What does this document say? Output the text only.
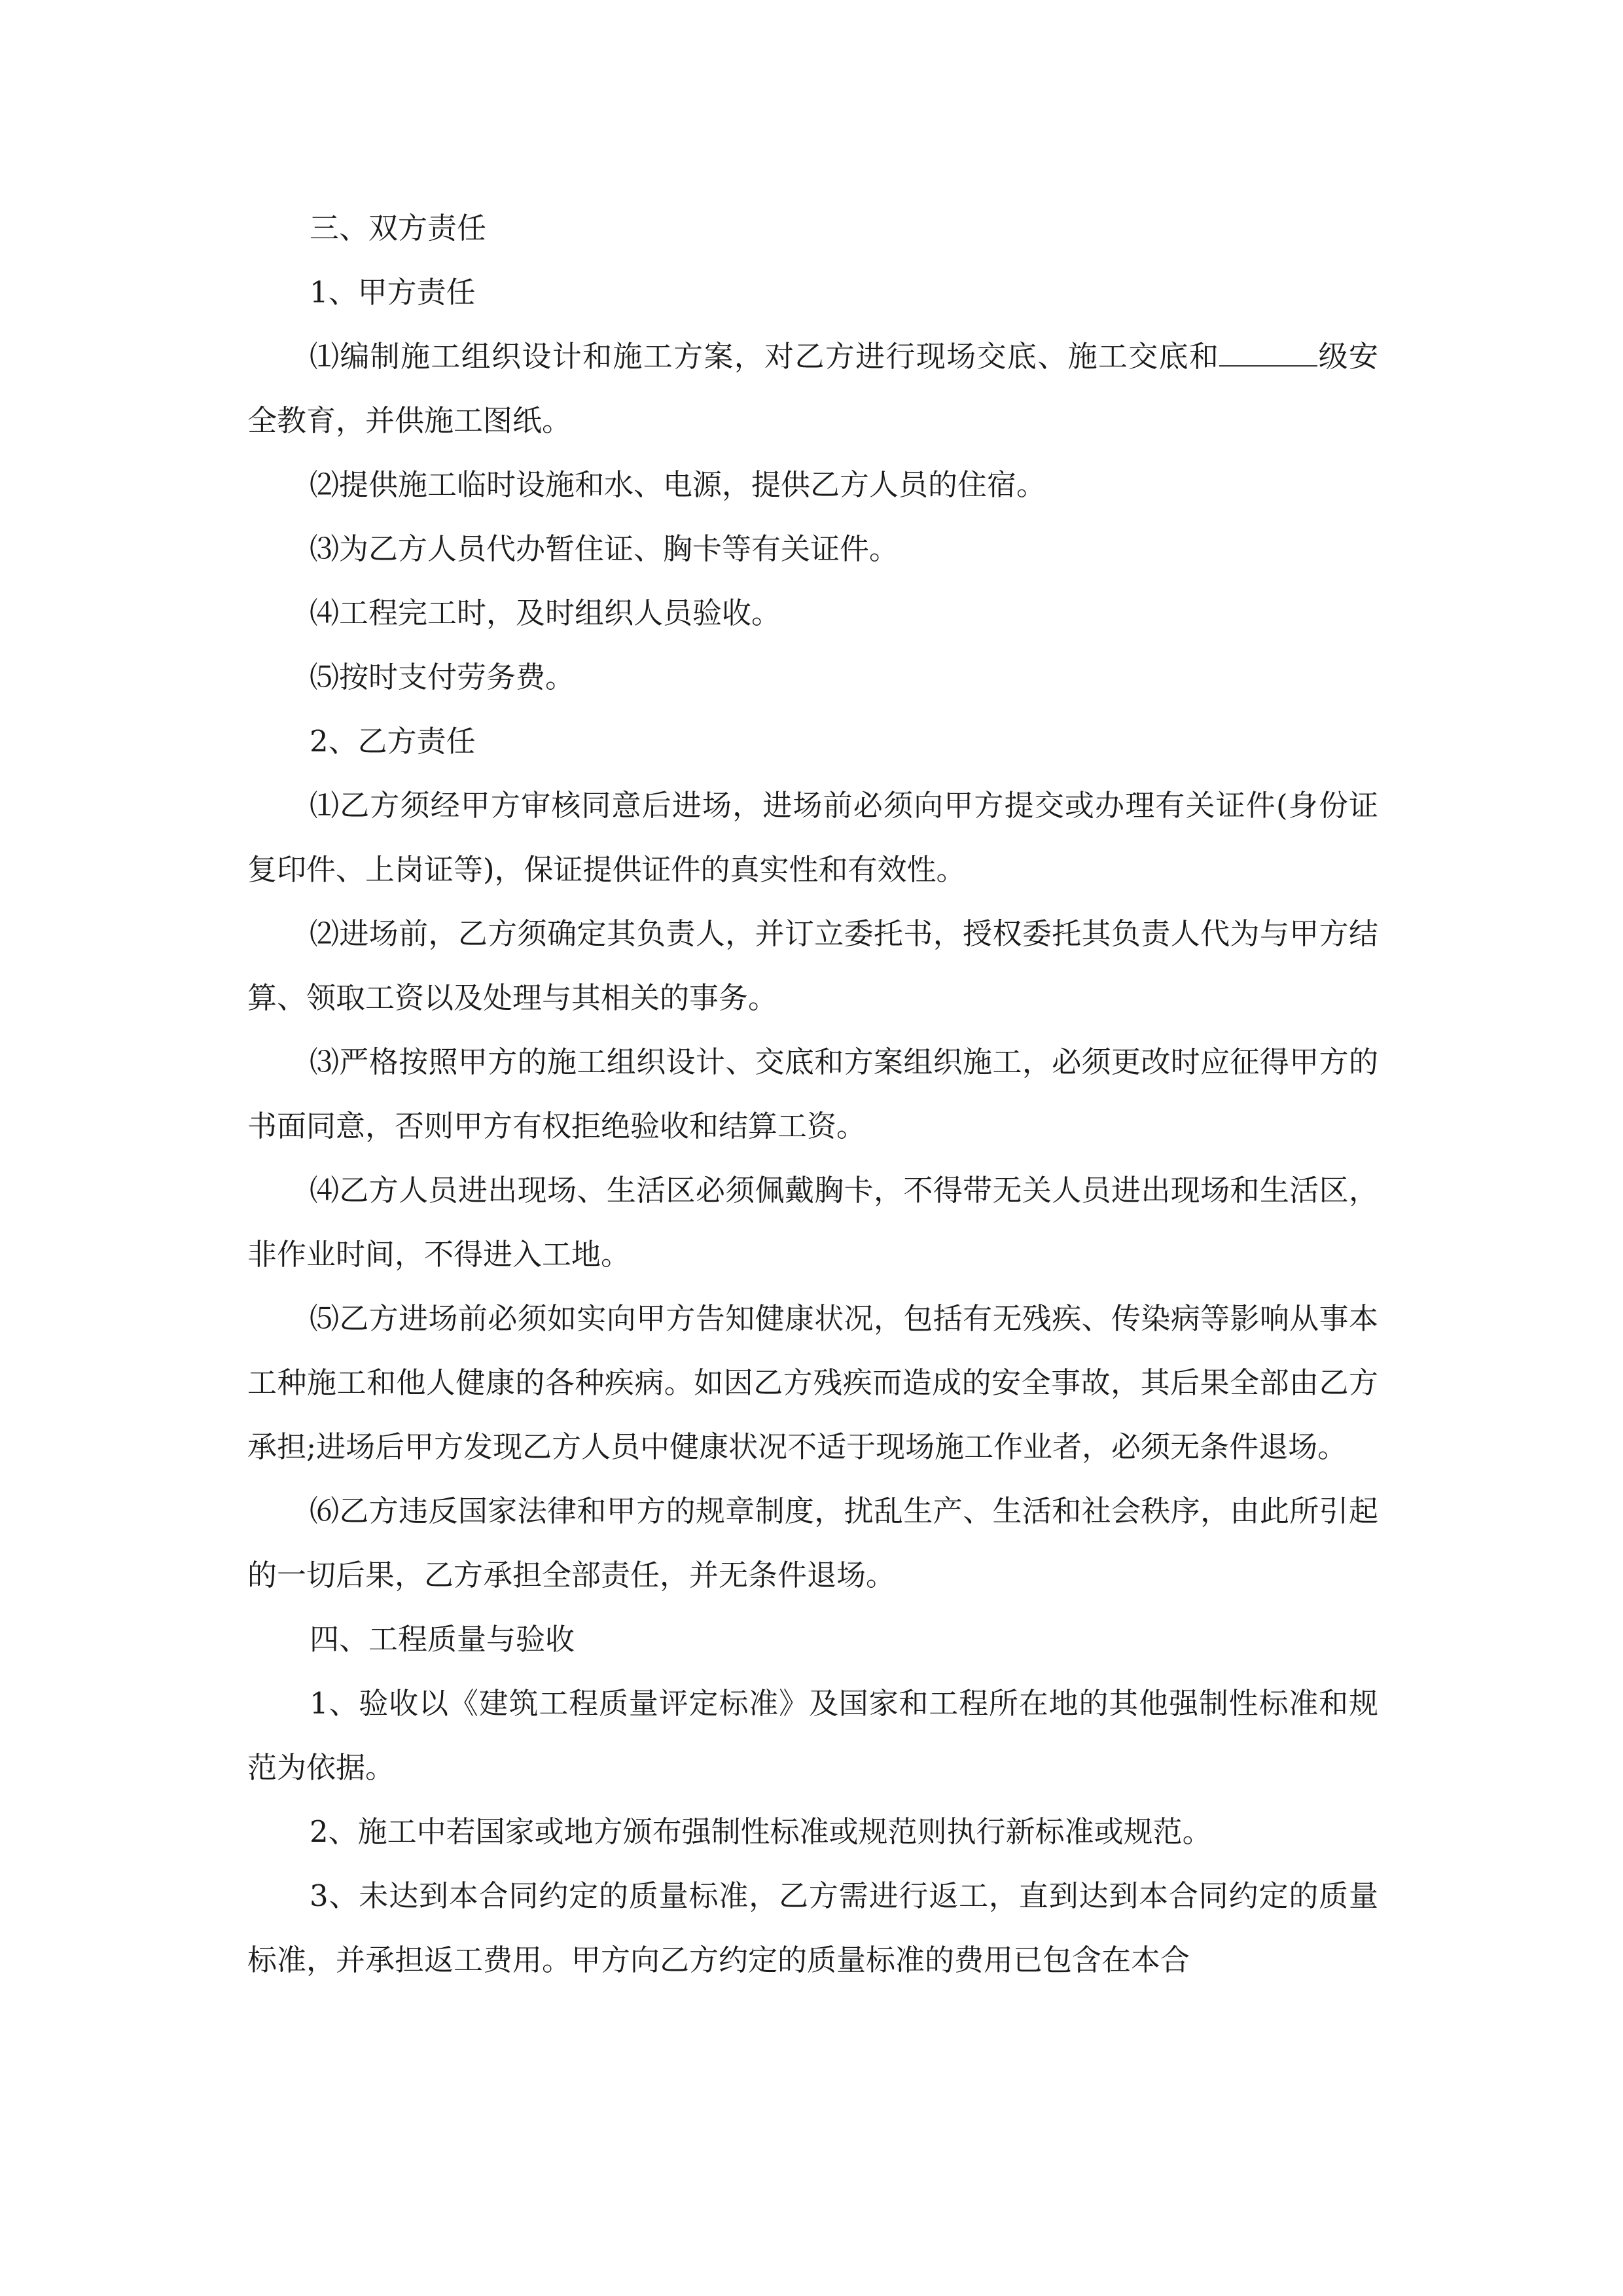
三、双方责任

1、甲方责任

⑴编制施工组织设计和施工方案，对乙方进行现场交底、施工交底和	级安全教育，并供施工图纸。

⑵提供施工临时设施和水、电源，提供乙方人员的住宿。

⑶为乙方人员代办暂住证、胸卡等有关证件。

⑷工程完工时，及时组织人员验收。

⑸按时支付劳务费。

2、乙方责任

⑴乙方须经甲方审核同意后进场，进场前必须向甲方提交或办理有关证件(身份证复印件、上岗证等)，保证提供证件的真实性和有效性。

⑵进场前，乙方须确定其负责人，并订立委托书，授权委托其负责人代为与甲方结算、领取工资以及处理与其相关的事务。

⑶严格按照甲方的施工组织设计、交底和方案组织施工，必须更改时应征得甲方的书面同意，否则甲方有权拒绝验收和结算工资。

⑷乙方人员进出现场、生活区必须佩戴胸卡，不得带无关人员进出现场和生活区，非作业时间，不得进入工地。

⑸乙方进场前必须如实向甲方告知健康状况，包括有无残疾、传染病等影响从事本工种施工和他人健康的各种疾病。如因乙方残疾而造成的安全事故，其后果全部由乙方承担;进场后甲方发现乙方人员中健康状况不适于现场施工作业者，必须无条件退场。

⑹乙方违反国家法律和甲方的规章制度，扰乱生产、生活和社会秩序，由此所引起的一切后果，乙方承担全部责任，并无条件退场。

四、工程质量与验收

1、验收以《建筑工程质量评定标准》及国家和工程所在地的其他强制性标准和规范为依据。

2、施工中若国家或地方颁布强制性标准或规范则执行新标准或规范。

3、未达到本合同约定的质量标准，乙方需进行返工，直到达到本合同约定的质量标准，并承担返工费用。甲方向乙方约定的质量标准的费用已包含在本合
